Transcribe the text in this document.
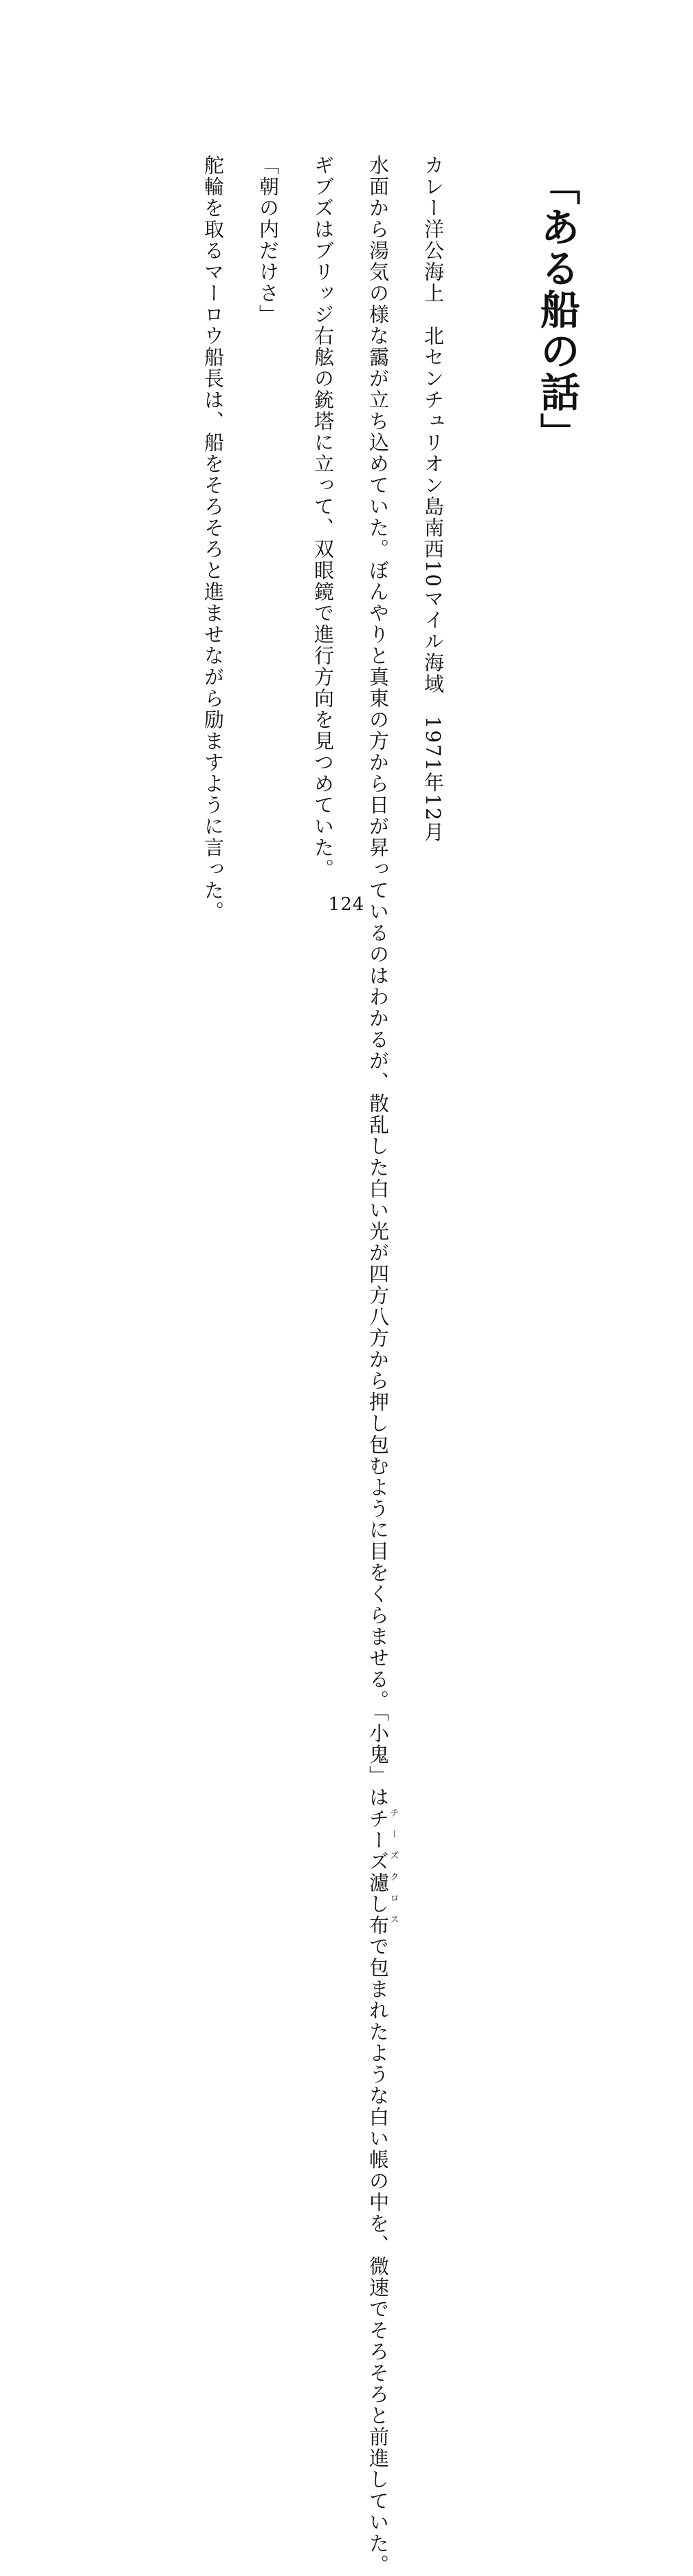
「ある船の話」

カレー洋公海上　北センチュリオン島南西10マイル海域　1971年12月

水面から湯気の様な靄が立ち込めていた。ぼんやりと真東の方から日が昇っているのはわかるが、散乱した白い光が四方八方から押し包むように目をくらませる。「小鬼」はチーズ濾し布チーズクロスで包まれたような白い帳の中を、微速でそろそろと前進していた。

ギブズはブリッジ右舷の銃塔に立って、双眼鏡で進行方向を見つめていた。

「朝の内だけさ」

舵輪を取るマーロウ船長は、船をそろそろと進ませながら励ますように言った。	124
